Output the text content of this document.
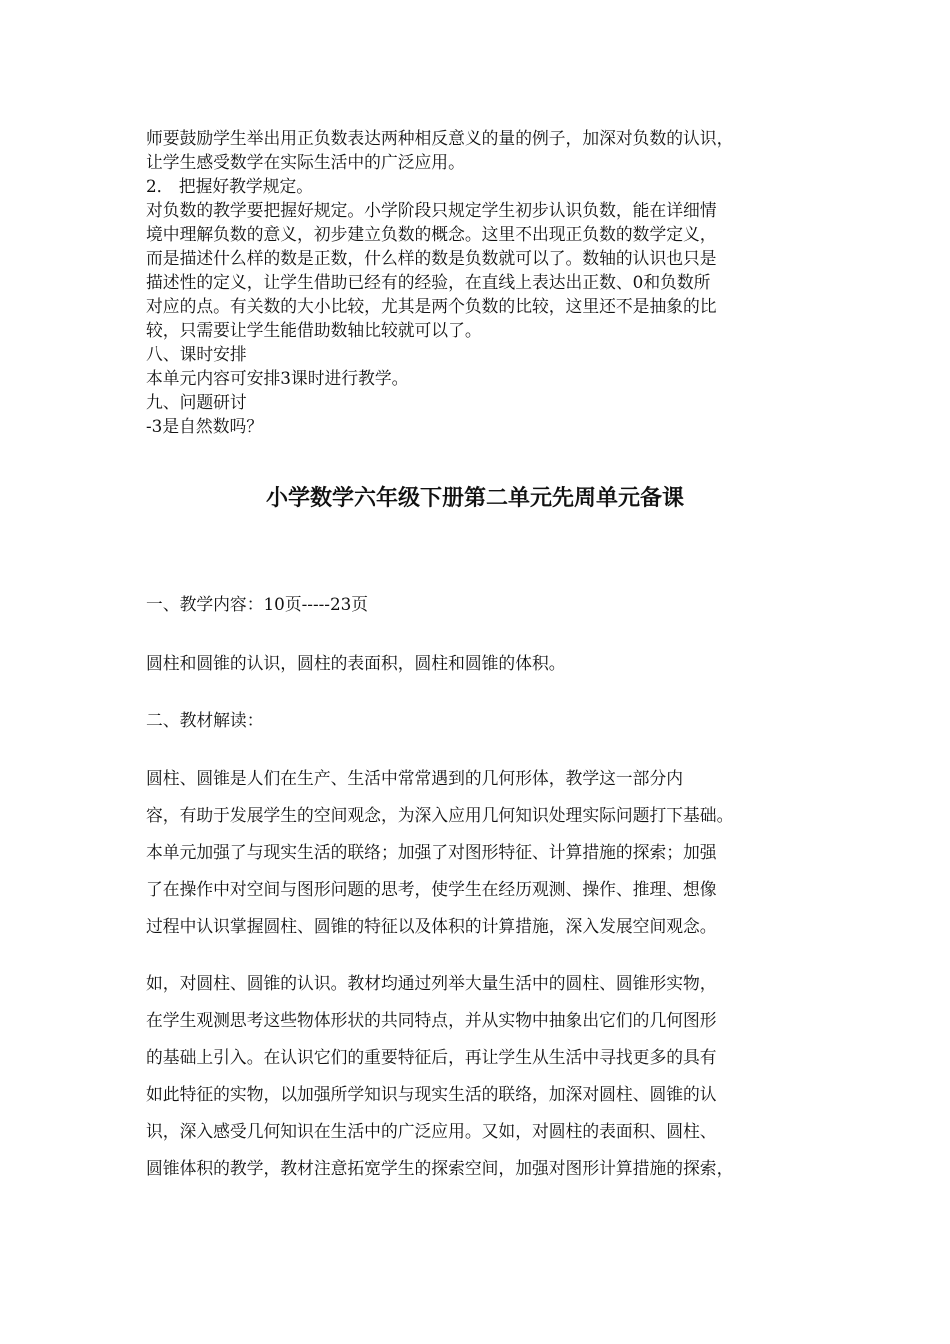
师要鼓励学生举出用正负数表达两种相反意义的量的例子，加深对负数的认识，

让学生感受数学在实际生活中的广泛应用。

2． 把握好教学规定。

对负数的教学要把握好规定。小学阶段只规定学生初步认识负数，能在详细情

境中理解负数的意义，初步建立负数的概念。这里不出现正负数的数学定义，

而是描述什么样的数是正数，什么样的数是负数就可以了。数轴的认识也只是

描述性的定义，让学生借助已经有的经验，在直线上表达出正数、0和负数所

对应的点。有关数的大小比较，尤其是两个负数的比较，这里还不是抽象的比

较，只需要让学生能借助数轴比较就可以了。

八、课时安排

本单元内容可安排3课时进行教学。

九、问题研讨

-3是自然数吗？

小学数学六年级下册第二单元先周单元备课

一、教学内容：10页-----23页

圆柱和圆锥的认识，圆柱的表面积，圆柱和圆锥的体积。

二、教材解读：

圆柱、圆锥是人们在生产、生活中常常遇到的几何形体，教学这一部分内

容，有助于发展学生的空间观念，为深入应用几何知识处理实际问题打下基础。

本单元加强了与现实生活的联络；加强了对图形特征、计算措施的探索；加强

了在操作中对空间与图形问题的思考，使学生在经历观测、操作、推理、想像

过程中认识掌握圆柱、圆锥的特征以及体积的计算措施，深入发展空间观念。

如，对圆柱、圆锥的认识。教材均通过列举大量生活中的圆柱、圆锥形实物，

在学生观测思考这些物体形状的共同特点，并从实物中抽象出它们的几何图形

的基础上引入。在认识它们的重要特征后，再让学生从生活中寻找更多的具有

如此特征的实物，以加强所学知识与现实生活的联络，加深对圆柱、圆锥的认

识，深入感受几何知识在生活中的广泛应用。又如，对圆柱的表面积、圆柱、

圆锥体积的教学，教材注意拓宽学生的探索空间，加强对图形计算措施的探索，
